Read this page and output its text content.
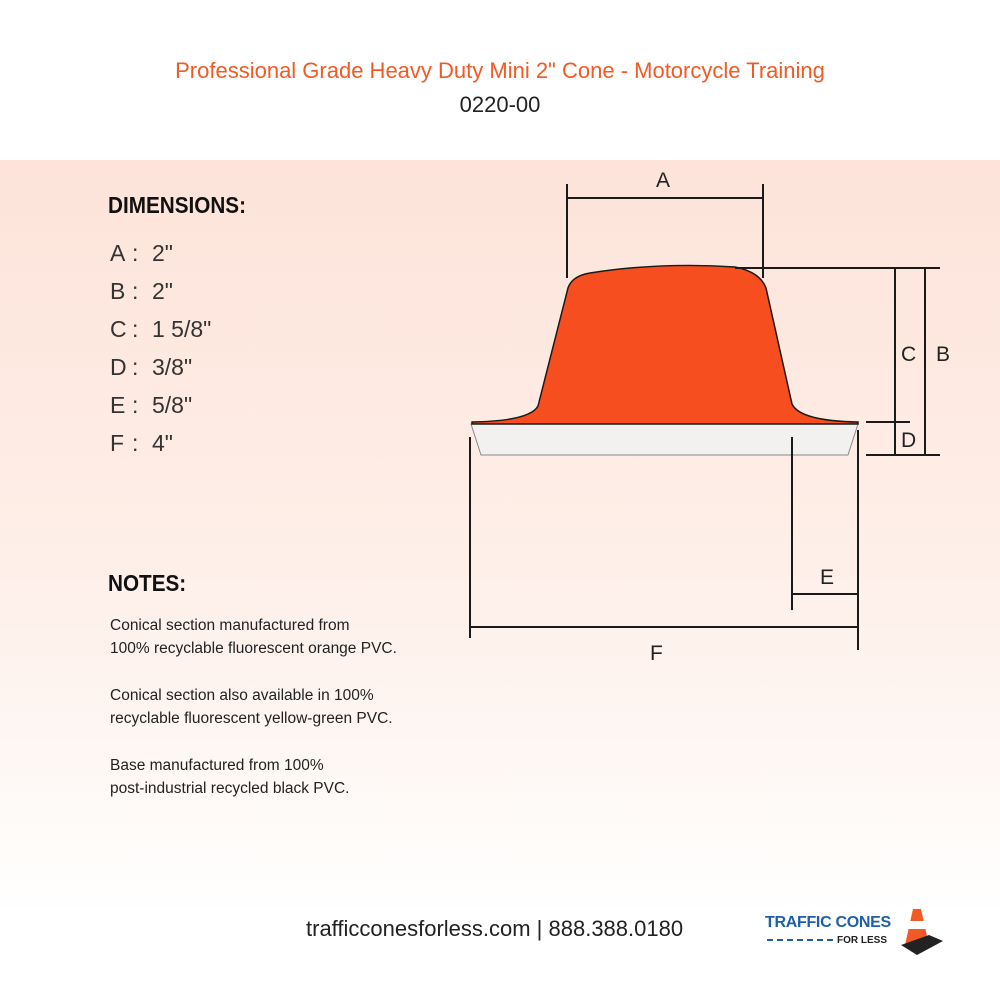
Professional Grade Heavy Duty Mini 2" Cone - Motorcycle Training
0220-00
DIMENSIONS:
A : 2"
B : 2"
C : 1 5/8"
D : 3/8"
E : 5/8"
F : 4"
NOTES:

Conical section manufactured from
100% recyclable fluorescent orange PVC.

Conical section also available in 100%
recyclable fluorescent yellow-green PVC.

Base manufactured from 100%
post-industrial recycled black PVC.

A
C B
D
E
F
trafficconesforless.com | 888.388.0180	TRAFFIC CONES
FOR LESS
